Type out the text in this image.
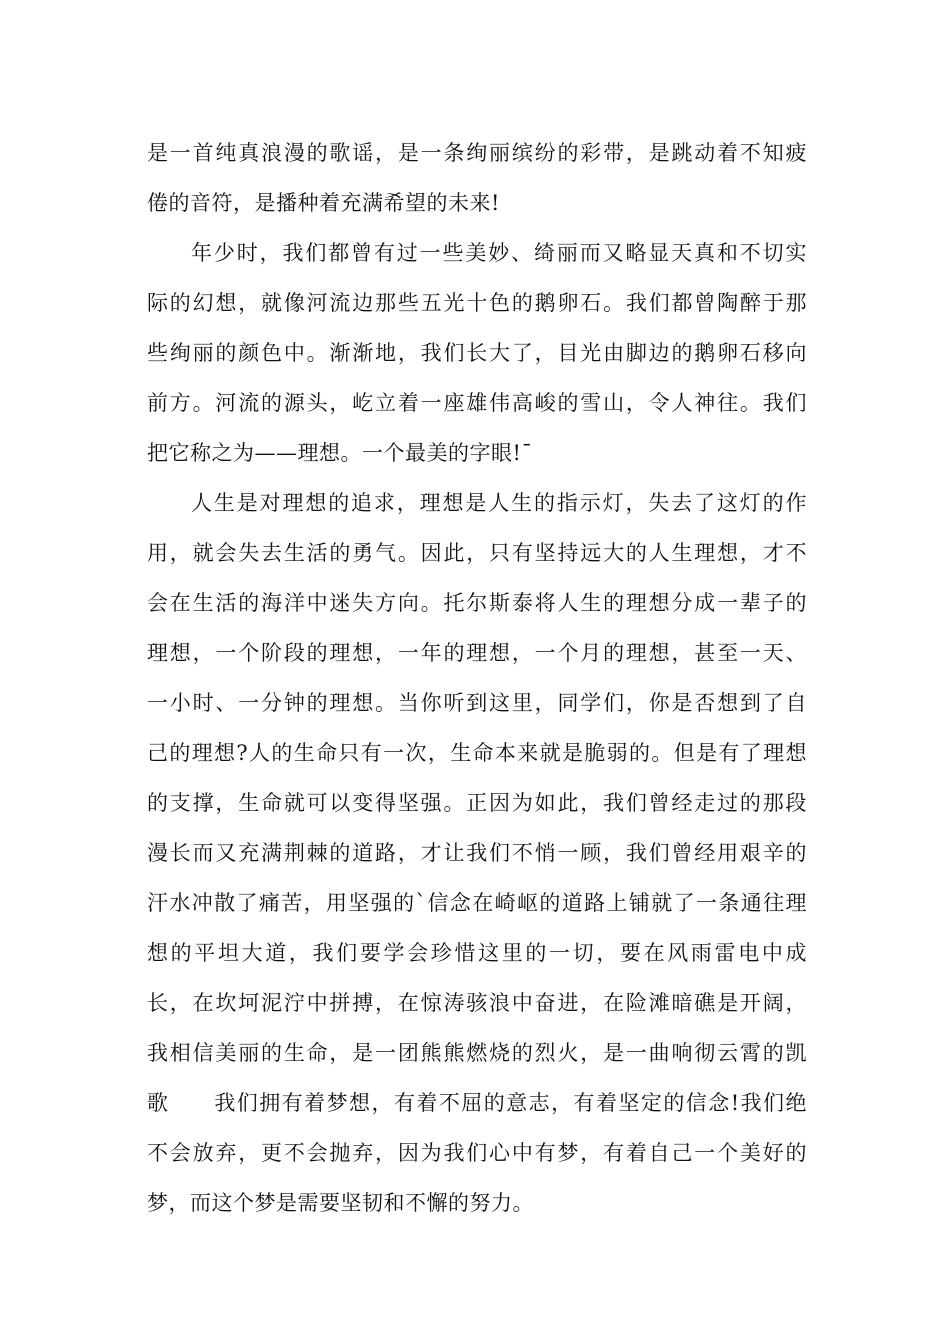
是一首纯真浪漫的歌谣，是一条绚丽缤纷的彩带，是跳动着不知疲
倦的音符，是播种着充满希望的未来!
年少时，我们都曾有过一些美妙、绮丽而又略显天真和不切实
际的幻想，就像河流边那些五光十色的鹅卵石。我们都曾陶醉于那
些绚丽的颜色中。渐渐地，我们长大了，目光由脚边的鹅卵石移向
前方。河流的源头，屹立着一座雄伟高峻的雪山，令人神往。我们
把它称之为——理想。一个最美的字眼!¯
人生是对理想的追求，理想是人生的指示灯，失去了这灯的作
用，就会失去生活的勇气。因此，只有坚持远大的人生理想，才不
会在生活的海洋中迷失方向。托尔斯泰将人生的理想分成一辈子的
理想，一个阶段的理想，一年的理想，一个月的理想，甚至一天、
一小时、一分钟的理想。当你听到这里，同学们，你是否想到了自
己的理想?人的生命只有一次，生命本来就是脆弱的。但是有了理想
的支撑，生命就可以变得坚强。正因为如此，我们曾经走过的那段
漫长而又充满荆棘的道路，才让我们不悄一顾，我们曾经用艰辛的
汗水冲散了痛苦，用坚强的`信念在崎岖的道路上铺就了一条通往理
想的平坦大道，我们要学会珍惜这里的一切，要在风雨雷电中成
长，在坎坷泥泞中拼搏，在惊涛骇浪中奋进，在险滩暗礁是开阔，
我相信美丽的生命，是一团熊熊燃烧的烈火，是一曲响彻云霄的凯
歌　　我们拥有着梦想，有着不屈的意志，有着坚定的信念!我们绝
不会放弃，更不会抛弃，因为我们心中有梦，有着自己一个美好的
梦，而这个梦是需要坚韧和不懈的努力。
